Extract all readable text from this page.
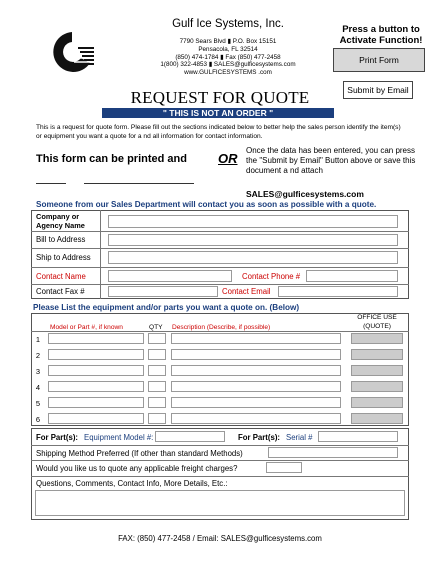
Gulf Ice Systems, Inc.
7790 Sears Blvd ▮ P.O. Box 15151
Pensacola, FL 32514
(850) 474-1784 ▮ Fax (850) 477-2458
1(800) 322-4853 ▮ SALES@gulficesystems.com
www.GULFICESYSTEMS .com
Press a button to
Activate Function!
Print Form
Submit by Email
REQUEST FOR QUOTE
" THIS IS NOT AN ORDER "
This is a request for quote form. Please fill out the sections indicated below to better help the sales person identify the item(s) or equipment you want a quote for a nd all information for contact information.
This form can be printed and OR
Once the data has been entered, you can press the "Submit by Email" Button above or save this document a nd attach
SALES@gulficesystems.com
Someone from our Sales Department will contact you as soon as possible with a quote.
Company or
Agency Name
Bill to Address
Ship to Address
Contact Name	Contact Phone #
Contact Fax #	Contact Email
Please List the equipment and/or parts you want a quote on. (Below)
OFFICE USE
(QUOTE)
Model or Part #, if known	QTY Description (Describe, if possible)
1
2
3
4
5
6
For Part(s): Equipment Model #:	For Part(s): Serial #
Shipping Method Preferred (If other than standard Methods)
Would you like us to quote any applicable freight charges?
Questions, Comments, Contact Info, More Details, Etc.:
FAX: (850) 477-2458 / Email: SALES@gulficesystems.com
